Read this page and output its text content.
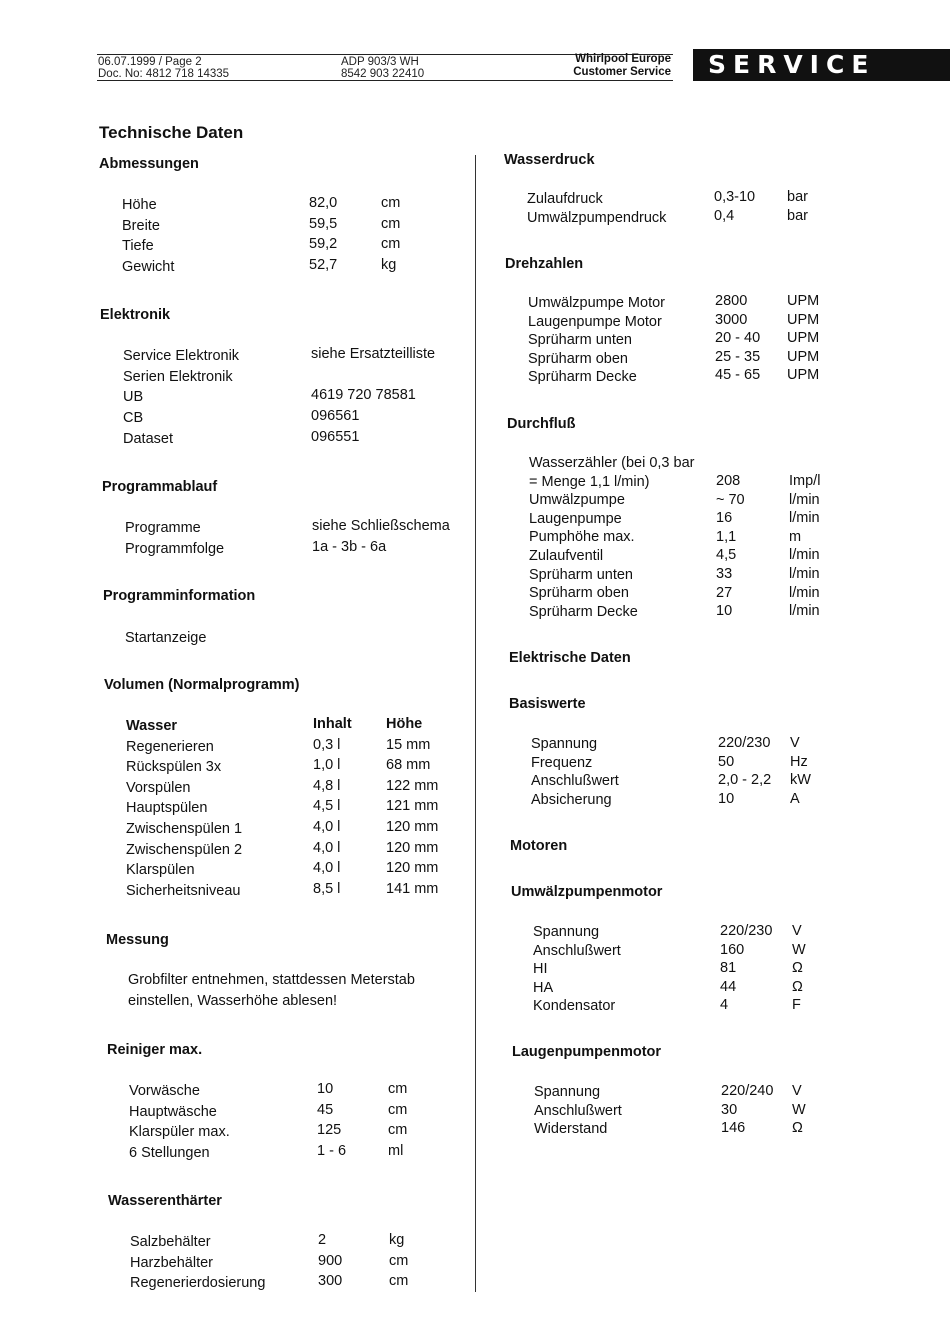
06.07.1999 / Page 2
Doc. No: 4812 718 14335
ADP 903/3 WH
8542 903 22410
Whirlpool Europe
Customer Service	SERVICE
Technische Daten
Abmessungen
Höhe
Breite
Tiefe
Gewicht
82,0
59,5
59,2
52,7
cm
cm
cm
kg
Elektronik
Service Elektronik
Serien Elektronik
UB
CB
Dataset
siehe Ersatzteilliste
4619 720 78581
096561
096551
Programmablauf
Programme
Programmfolge
siehe Schließschema
1a - 3b - 6a
Programminformation
Startanzeige
Volumen (Normalprogramm)
Wasser
Regenerieren
Rückspülen 3x
Vorspülen
Hauptspülen
Zwischenspülen 1
Zwischenspülen 2
Klarspülen
Sicherheitsniveau
Inhalt
0,3 l
1,0 l
4,8 l
4,5 l
4,0 l
4,0 l
4,0 l
8,5 l
Höhe
15 mm
68 mm
122 mm
121 mm
120 mm
120 mm
120 mm
141 mm
Messung
Grobfilter entnehmen, stattdessen Meterstab
einstellen, Wasserhöhe ablesen!
Reiniger max.
Vorwäsche
Hauptwäsche
Klarspüler max.
6 Stellungen
10
45
125
1 - 6
cm
cm
cm
ml
Wasserenthärter
Salzbehälter
Harzbehälter
Regenerierdosierung
2
900
300
kg
cm
cm
Wasserdruck
Zulaufdruck
Umwälzpumpendruck
0,3-10
0,4
bar
bar
Drehzahlen
Umwälzpumpe Motor
Laugenpumpe Motor
Sprüharm unten
Sprüharm oben
Sprüharm Decke
2800
3000
20 - 40
25 - 35
45 - 65
UPM
UPM
UPM
UPM
UPM
Durchfluß
Wasserzähler (bei 0,3 bar
= Menge 1,1 l/min)
Umwälzpumpe
Laugenpumpe
Pumphöhe max.
Zulaufventil
Sprüharm unten
Sprüharm oben
Sprüharm Decke
208
~ 70
16
1,1
4,5
33
27
10
Imp/l
l/min
l/min
m
l/min
l/min
l/min
l/min
Elektrische Daten
Basiswerte
Spannung
Frequenz
Anschlußwert
Absicherung
220/230
50
2,0 - 2,2
10
V
Hz
kW
A
Motoren
Umwälzpumpenmotor
Spannung
Anschlußwert
HI
HA
Kondensator
220/230
160
81
44
4
V
W
Ω
Ω
F
Laugenpumpenmotor
Spannung
Anschlußwert
Widerstand
220/240
30
146
V
W
Ω
